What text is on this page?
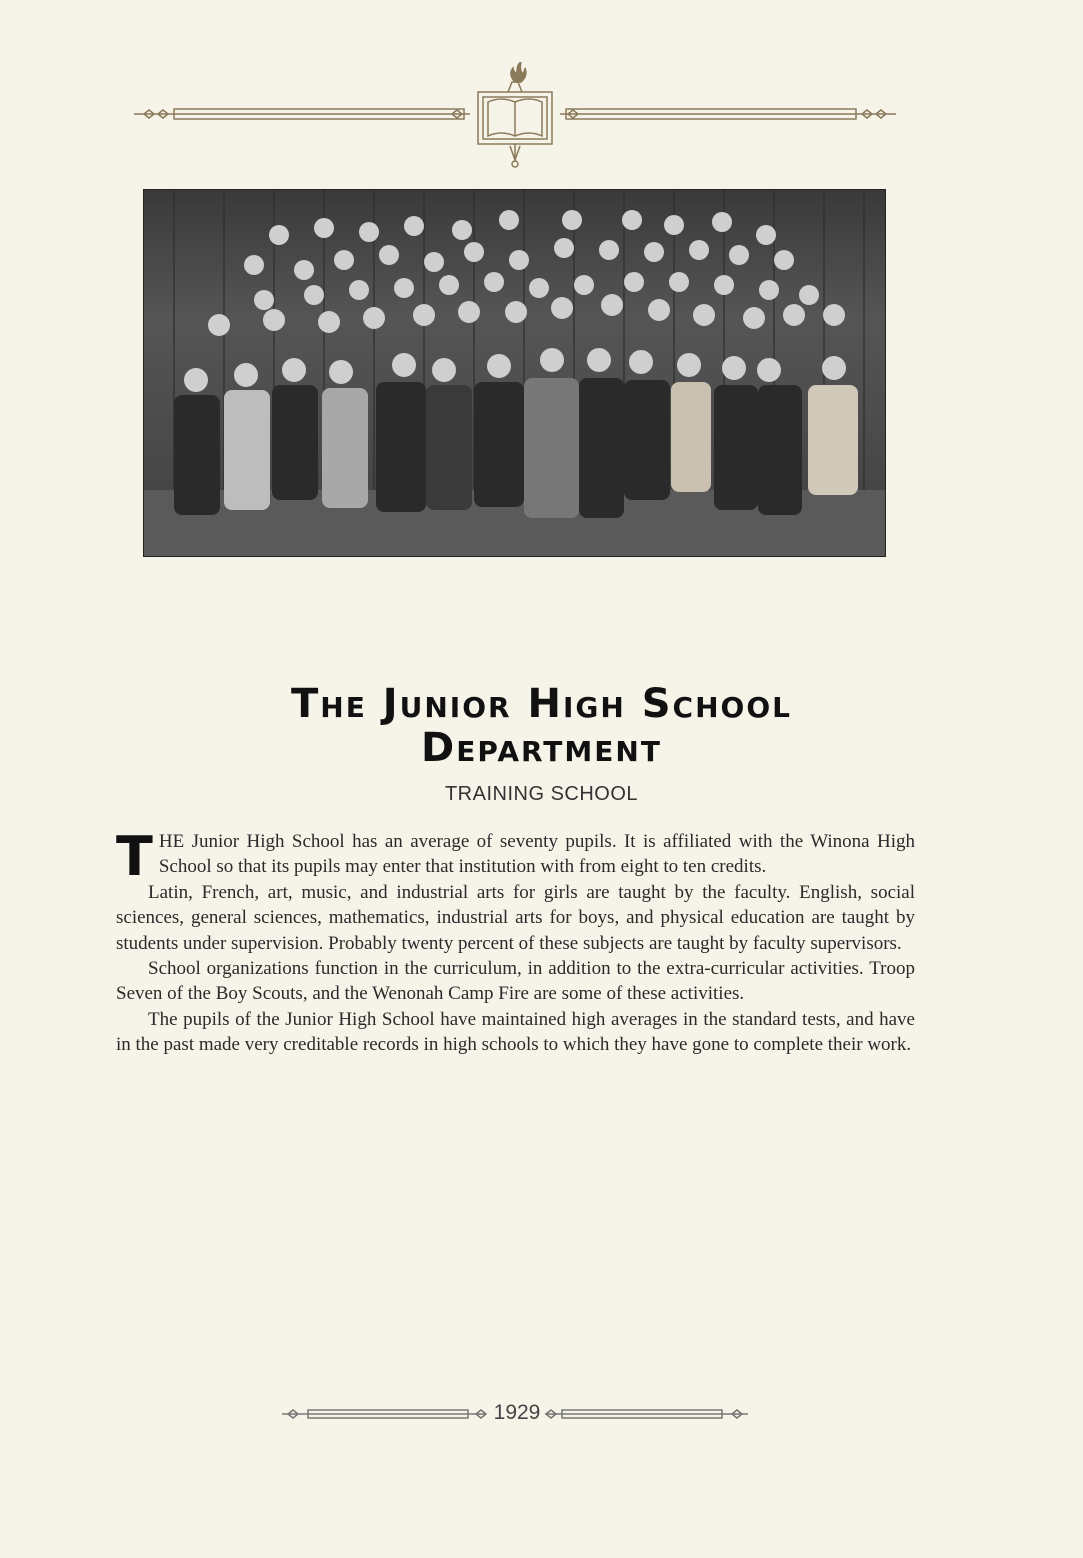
The Junior High School
Department
TRAINING SCHOOL

THE Junior High School has an average of seventy pupils. It is affiliated with the Winona High School so that its pupils may enter that institution with from eight to ten credits.

Latin, French, art, music, and industrial arts for girls are taught by the faculty. English, social sciences, general sciences, mathematics, industrial arts for boys, and physical education are taught by students under supervision. Probably twenty percent of these subjects are taught by faculty supervisors.

School organizations function in the curriculum, in addition to the extra-curricular activities. Troop Seven of the Boy Scouts, and the Wenonah Camp Fire are some of these activities.

The pupils of the Junior High School have maintained high averages in the standard tests, and have in the past made very creditable records in high schools to which they have gone to complete their work.

1929
